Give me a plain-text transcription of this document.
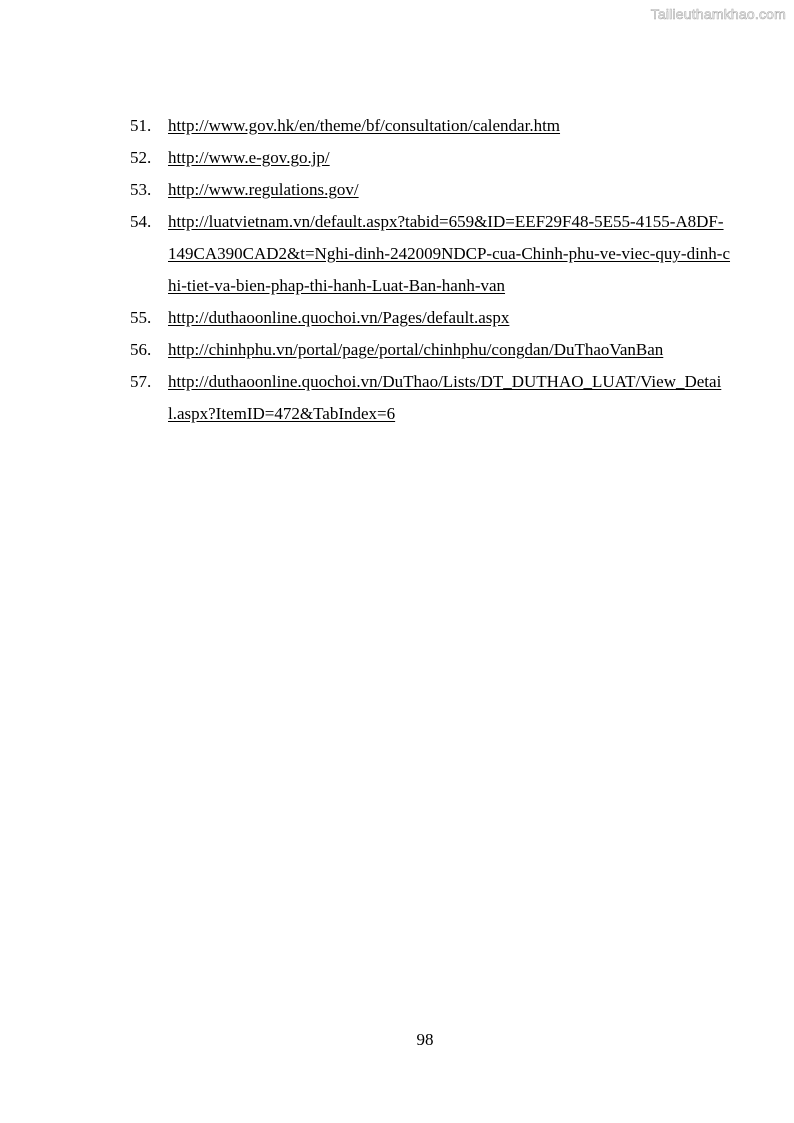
Tailieuthamkhao.com
51. http://www.gov.hk/en/theme/bf/consultation/calendar.htm
52. http://www.e-gov.go.jp/
53. http://www.regulations.gov/
54. http://luatvietnam.vn/default.aspx?tabid=659&ID=EEF29F48-5E55-4155-A8DF-149CA390CAD2&t=Nghi-dinh-242009NDCP-cua-Chinh-phu-ve-viec-quy-dinh-chi-tiet-va-bien-phap-thi-hanh-Luat-Ban-hanh-van
55. http://duthaoonline.quochoi.vn/Pages/default.aspx
56. http://chinhphu.vn/portal/page/portal/chinhphu/congdan/DuThaoVanBan
57. http://duthaoonline.quochoi.vn/DuThao/Lists/DT_DUTHAO_LUAT/View_Detail.aspx?ItemID=472&TabIndex=6
98
